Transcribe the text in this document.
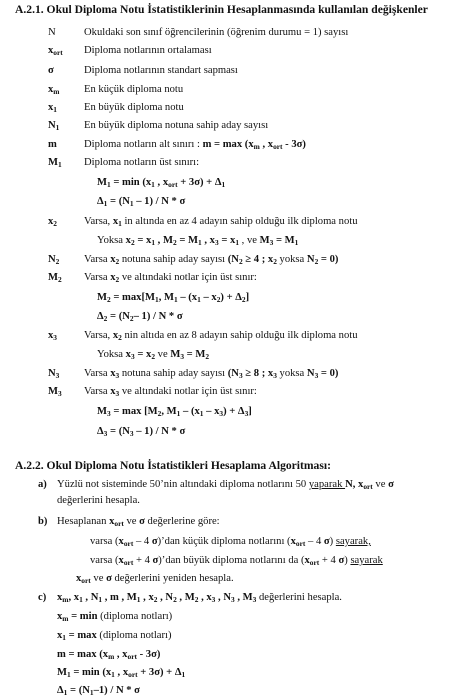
A.2.1. Okul Diploma Notu İstatistiklerinin Hesaplanmasında kullanılan değişkenler
N	Okuldaki son sınıf öğrencilerinin (öğrenim durumu = 1) sayısı
$x_{ort}$ Diploma notlarının ortalaması
σ	Diploma notlarının standart sapması
$x_m$ En küçük diploma notu
$x_1$	En büyük diploma notu
$N_1$ En büyük diploma notuna sahip aday sayısı
m	Diploma notların alt sınırı : $m = \max (x_m$ , $x_{ort} - 3\sigma$)
$M_1$ Diploma notların üst sınırı:
$M_1 = \min (x_1$ , $x_{ort} + 3\sigma) + \Delta_1$
$\Delta_1 = (N_1 - 1) / N * \sigma$
$x_2$	Varsa, $x_1$ in altında en az 4 adayın sahip olduğu ilk diploma notu
Yoksa $x_2 = x_1$ , $M_2 = M_1$ , $x_3 = x_1$ , ve $M_3 = M_1$
$N_2$ Varsa $x_2$ notuna sahip aday sayısı ($N_2 \ge 4$ ; $x_2$ yoksa $N_2 = 0$)
$M_2$ Varsa $x_2$ ve altındaki notlar için üst sınır:
$M_2 = \max[M_1$, $M_1 - (x_1 - x_2) + \Delta_2$]
$\Delta_2 = (N_2-$ 1) / N * σ
$x_3$	Varsa, $x_2$ nin altıda en az 8 adayın sahip olduğu ilk diploma notu
Yoksa $x_3 = x_2$ ve $M_3 = M_2$
$N_3$ Varsa $x_3$ notuna sahip aday sayısı ($N_3 \ge 8$ ; $x_3$ yoksa $N_3 = 0$)
$M_3$ Varsa $x_3$ ve altındaki notlar için üst sınır:
$M_3 = \max [M_2$, $M_1 - (x_1 - x_3) + \Delta_3$]
$\Delta_3 = (N_3 - 1) / N * \sigma$
A.2.2. Okul Diploma Notu İstatistikleri Hesaplama Algoritması:
a) Yüzlü not sisteminde 50’nin altındaki diploma notlarını 50 yaparak N, $x_{ort}$ ve σ
değerlerini hesapla.
b) Hesaplanan $x_{ort}$ ve σ değerlerine göre:
varsa ($x_{ort} - 4$ σ)’dan küçük diploma notlarını ($x_{ort} - 4$ σ) sayarak,
varsa ($x_{ort} + 4$ σ)’dan büyük diploma notlarını da ($x_{ort} + 4$ σ) sayarak
$x_{ort}$ ve σ değerlerini yeniden hesapla.
c) $x_m$, $x_1$ , $N_1$ , m , $M_1$ , $x_2$ , $N_2$ , $M_2$ , $x_3$ , $N_3$ , $M_3$ değerlerini hesapla.
$x_m = \min$ (diploma notları)
$x_1 = \max$ (diploma notları)
$m = \max (x_m$ , $x_{ort} - 3\sigma$)
$M_1 = \min (x_1$ , $x_{ort} + 3\sigma) + \Delta_1$
$\Delta_1 = (N_1-1) / N * \sigma$
